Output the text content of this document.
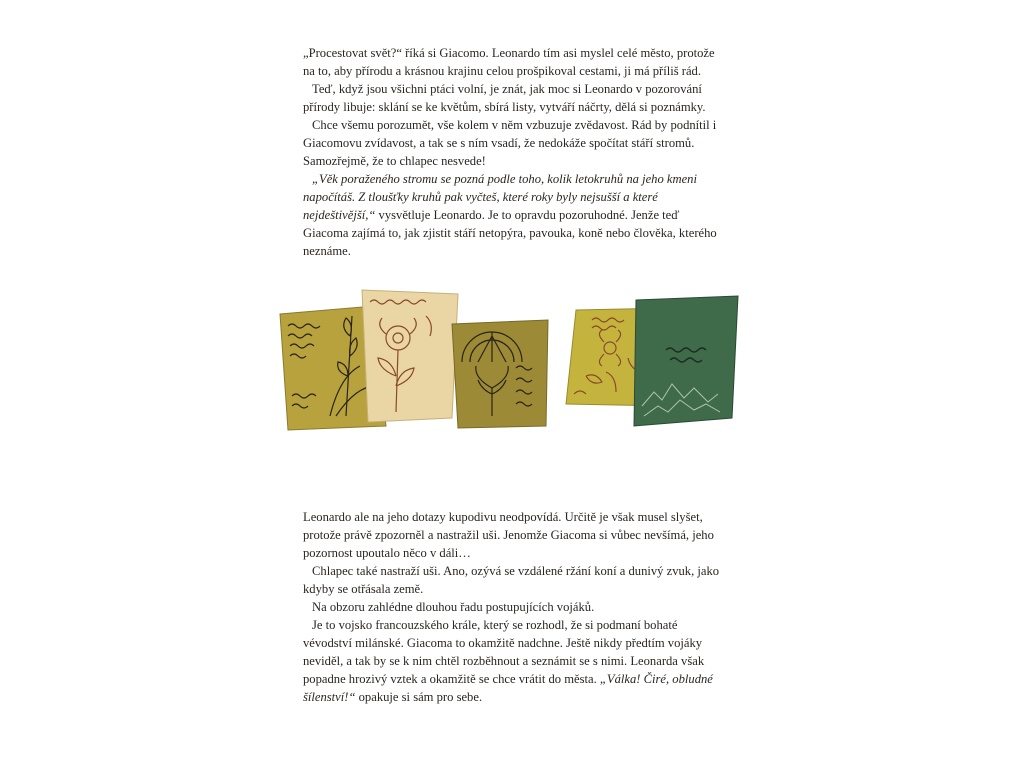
„Procestovat svět?“ říká si Giacomo. Leonardo tím asi myslel celé město, protože na to, aby přírodu a krásnou krajinu celou prošpikoval cestami, ji má příliš rád.

Teď, když jsou všichni ptáci volní, je znát, jak moc si Leonardo v pozorování přírody libuje: sklání se ke květům, sbírá listy, vytváří náčrty, dělá si poznámky.

Chce všemu porozumět, vše kolem v něm vzbuzuje zvědavost. Rád by podnítil i Giacomovu zvídavost, a tak se s ním vsadí, že nedokáže spočítat stáří stromů. Samozřejmě, že to chlapec nesvede!

„Věk poraženého stromu se pozná podle toho, kolik letokruhů na jeho kmeni napočítáš. Z tloušťky kruhů pak vyčteš, které roky byly nejsušší a které nejdeštivější,“ vysvětluje Leonardo. Je to opravdu pozoruhodné. Jenže teď Giacoma zajímá to, jak zjistit stáří netopýra, pavouka, koně nebo člověka, kterého neznáme.

Leonardo ale na jeho dotazy kupodivu neodpovídá. Určitě je však musel slyšet, protože právě zpozorněl a nastražil uši. Jenomže Giacoma si vůbec nevšímá, jeho pozornost upoutalo něco v dáli…

Chlapec také nastraží uši. Ano, ozývá se vzdálené ržání koní a dunivý zvuk, jako kdyby se otřásala země.

Na obzoru zahlédne dlouhou řadu postupujících vojáků.

Je to vojsko francouzského krále, který se rozhodl, že si podmaní bohaté vévodství milánské. Giacoma to okamžitě nadchne. Ještě nikdy předtím vojáky neviděl, a tak by se k nim chtěl rozběhnout a seznámit se s nimi. Leonarda však popadne hrozivý vztek a okamžitě se chce vrátit do města. „Válka! Čiré, obludné šílenství!“ opakuje si sám pro sebe.
